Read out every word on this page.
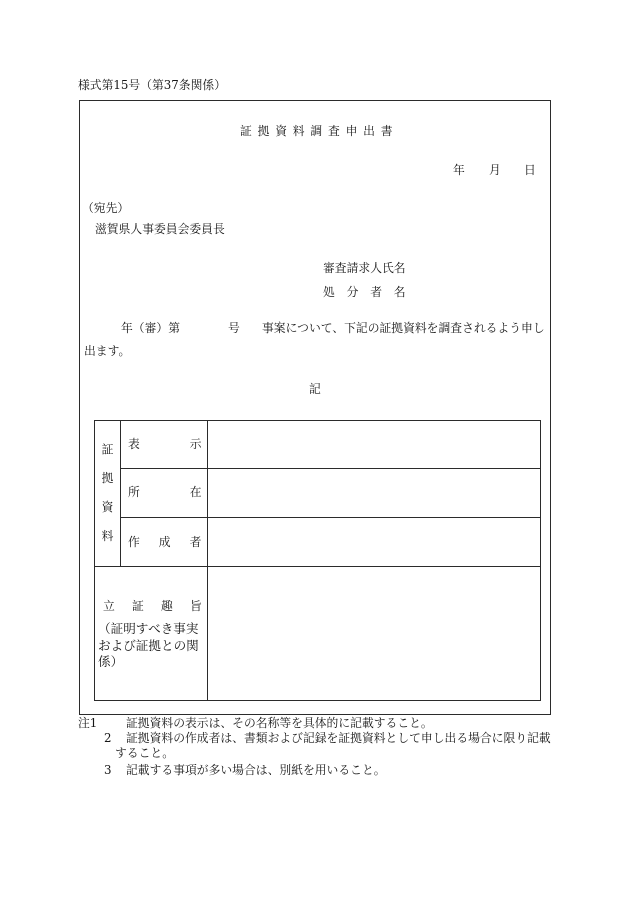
様式第15号（第37条関係）
証拠資料調査申出書
年 月 日
（宛先）
滋賀県人事委員会委員長
審査請求人氏名
処分者名
年（審）第	号 事案について、下記の証拠資料を調査されるよう申し
出ます。
記
証拠資料 表示
所在
作成者
立証趣旨
（証明すべき事実および証拠との関係）
注1 証拠資料の表示は、その名称等を具体的に記載すること。
2 証拠資料の作成者は、書類および記録を証拠資料として申し出る場合に限り記載
すること。
3 記載する事項が多い場合は、別紙を用いること。
